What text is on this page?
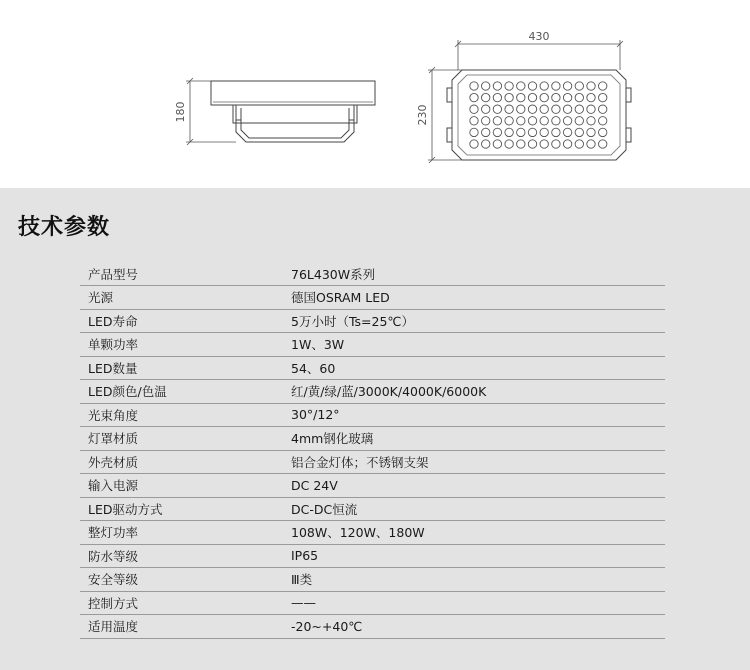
180
430
230
技术参数
产品型号	76L430W系列
光源	德国OSRAM LED
LED寿命	5万小时（Ts=25℃）
单颗功率	1W、3W
LED数量	54、60
LED颜色/色温	红/黄/绿/蓝/3000K/4000K/6000K
光束角度	30°/12°
灯罩材质	4mm钢化玻璃
外壳材质	铝合金灯体；不锈钢支架
输入电源	DC 24V
LED驱动方式	DC-DC恒流
整灯功率	108W、120W、180W
防水等级	IP65
安全等级	Ⅲ类
控制方式	——
适用温度	-20~+40℃
